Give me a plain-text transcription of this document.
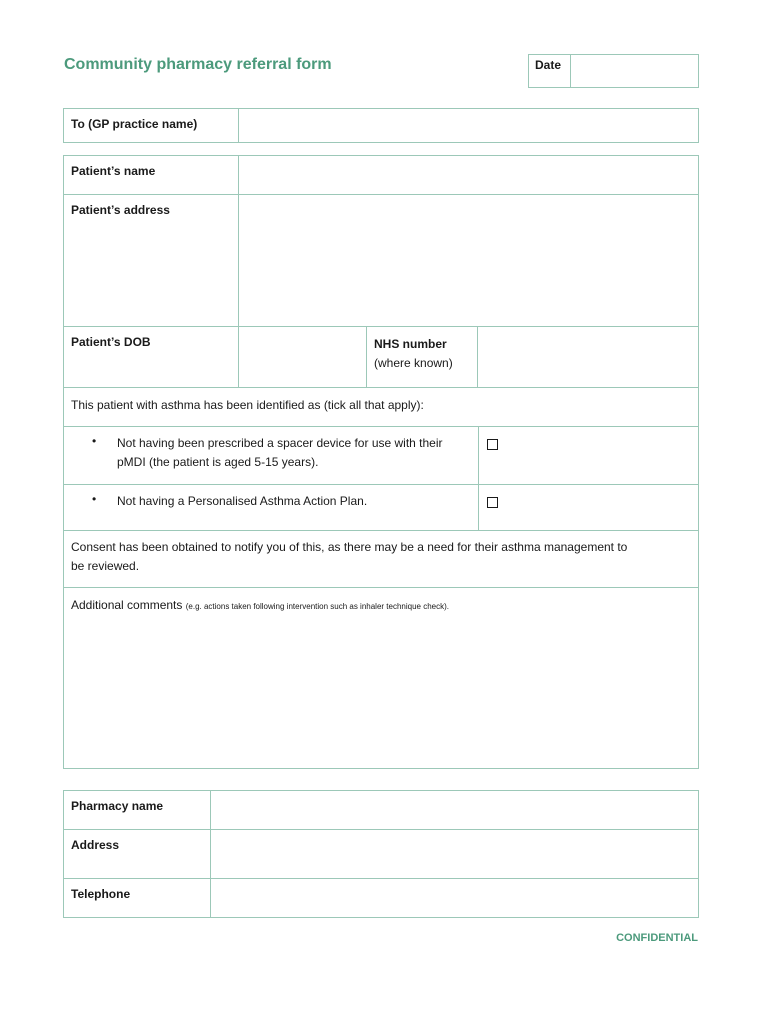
Community pharmacy referral form	Date
To (GP practice name)
Patient’s name
Patient’s address
Patient’s DOB	NHS number
(where known)
This patient with asthma has been identified as (tick all that apply):
• Not having been prescribed a spacer device for use with their
pMDI (the patient is aged 5-15 years).
• Not having a Personalised Asthma Action Plan.
Consent has been obtained to notify you of this, as there may be a need for their asthma management to
be reviewed.
Additional comments (e.g. actions taken following intervention such as inhaler technique check).
Pharmacy name
Address
Telephone
CONFIDENTIAL
